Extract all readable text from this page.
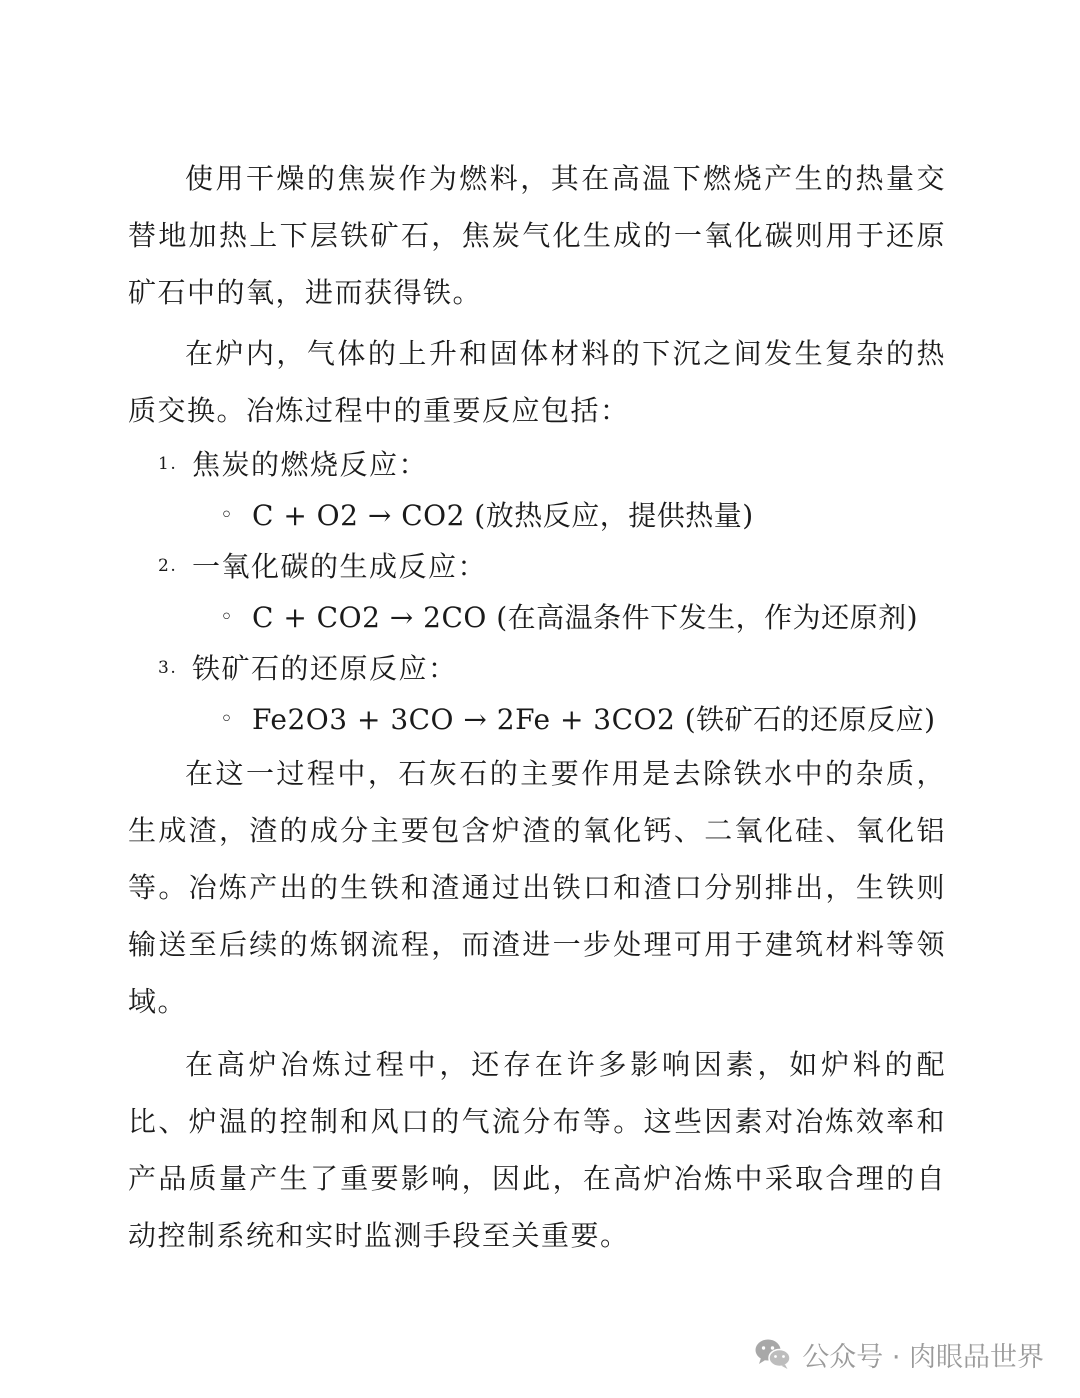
使用干燥的焦炭作为燃料，其在高温下燃烧产生的热量交替地加热上下层铁矿石，焦炭气化生成的一氧化碳则用于还原矿石中的氧，进而获得铁。

在炉内，气体的上升和固体材料的下沉之间发生复杂的热质交换。冶炼过程中的重要反应包括：

1. 焦炭的燃烧反应：
◦ C + O2 → CO2 (放热反应，提供热量)
2. 一氧化碳的生成反应：
◦ C + CO2 → 2CO (在高温条件下发生，作为还原剂)
3. 铁矿石的还原反应：
◦ Fe2O3 + 3CO → 2Fe + 3CO2 (铁矿石的还原反应)

在这一过程中，石灰石的主要作用是去除铁水中的杂质，生成渣，渣的成分主要包含炉渣的氧化钙、二氧化硅、氧化铝等。冶炼产出的生铁和渣通过出铁口和渣口分别排出，生铁则输送至后续的炼钢流程，而渣进一步处理可用于建筑材料等领域。

在高炉冶炼过程中，还存在许多影响因素，如炉料的配比、炉温的控制和风口的气流分布等。这些因素对冶炼效率和产品质量产生了重要影响，因此，在高炉冶炼中采取合理的自动控制系统和实时监测手段至关重要。

公众号 · 肉眼品世界
